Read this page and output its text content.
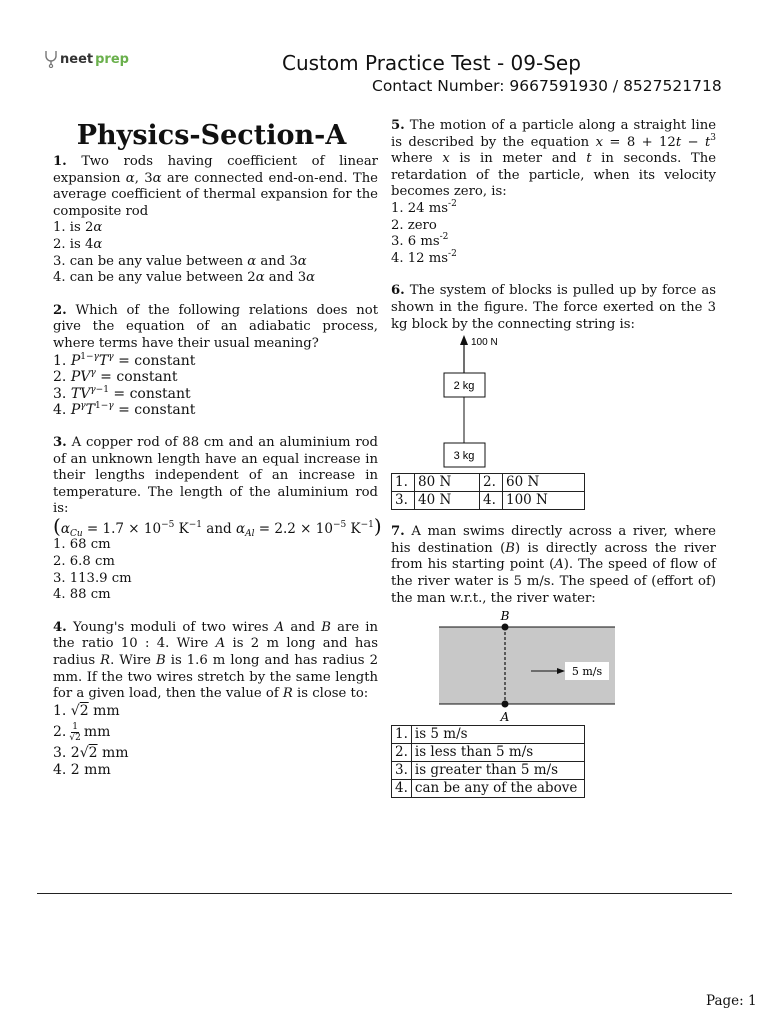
neet prep	Custom Practice Test - 09-Sep
Contact Number: 9667591930 / 8527521718
Physics-Section-A
1. Two rods having coefficient of linear expansion α, 3α are connected end-on-end. The average coefficient of thermal expansion for the composite rod
1. is 2α
2. is 4α
3. can be any value between α and 3α
4. can be any value between 2α and 3α
2. Which of the following relations does not give the equation of an adiabatic process, where terms have their usual meaning?
1. $P^{1-\gamma}T^\gamma$ = constant
2. $PV^\gamma$ = constant
3. $TV^{\gamma-1}$ = constant
4. $P^\gamma T^{1-\gamma}$ = constant
3. A copper rod of 88 cm and an aluminium rod of an unknown length have an equal increase in their lengths independent of an increase in temperature. The length of the aluminium rod is:
($\alpha_{Cu} = 1.7 \times 10^{-5}$ $K^{-1}$ and $\alpha_{Al} = 2.2 \times 10^{-5}$ $K^{-1}$)
1. 68 cm
2. 6.8 cm
3. 113.9 cm
4. 88 cm
4. Young's moduli of two wires A and B are in the ratio 10 : 4. Wire A is 2 m long and has radius R. Wire B is 1.6 m long and has radius 2 mm. If the two wires stretch by the same length for a given load, then the value of R is close to:
1. √2 mm
2. 1
√2 mm
3. 2√2 mm
4. 2 mm
5. The motion of a particle along a straight line is described by the equation $x = 8 + 12t - t^3$ where x is in meter and t in seconds. The retardation of the particle, when its velocity becomes zero, is:
1. 24 $ms^{-2}$
2. zero
3. 6 $ms^{-2}$
4. 12 $ms^{-2}$
6. The system of blocks is pulled up by force as shown in the figure. The force exerted on the 3 kg block by the connecting string is:
100 N
2 kg
3 kg
1.	80 N	2.	60 N
3.	40 N	4.	100 N
7. A man swims directly across a river, where his destination (B) is directly across the river from his starting point (A). The speed of flow of the river water is 5 m/s. The speed of (effort of) the man w.r.t., the river water:
B
5 m/s
A
1.	is 5 m/s
2.	is less than 5 m/s
3.	is greater than 5 m/s
4.	can be any of the above
Page: 1
